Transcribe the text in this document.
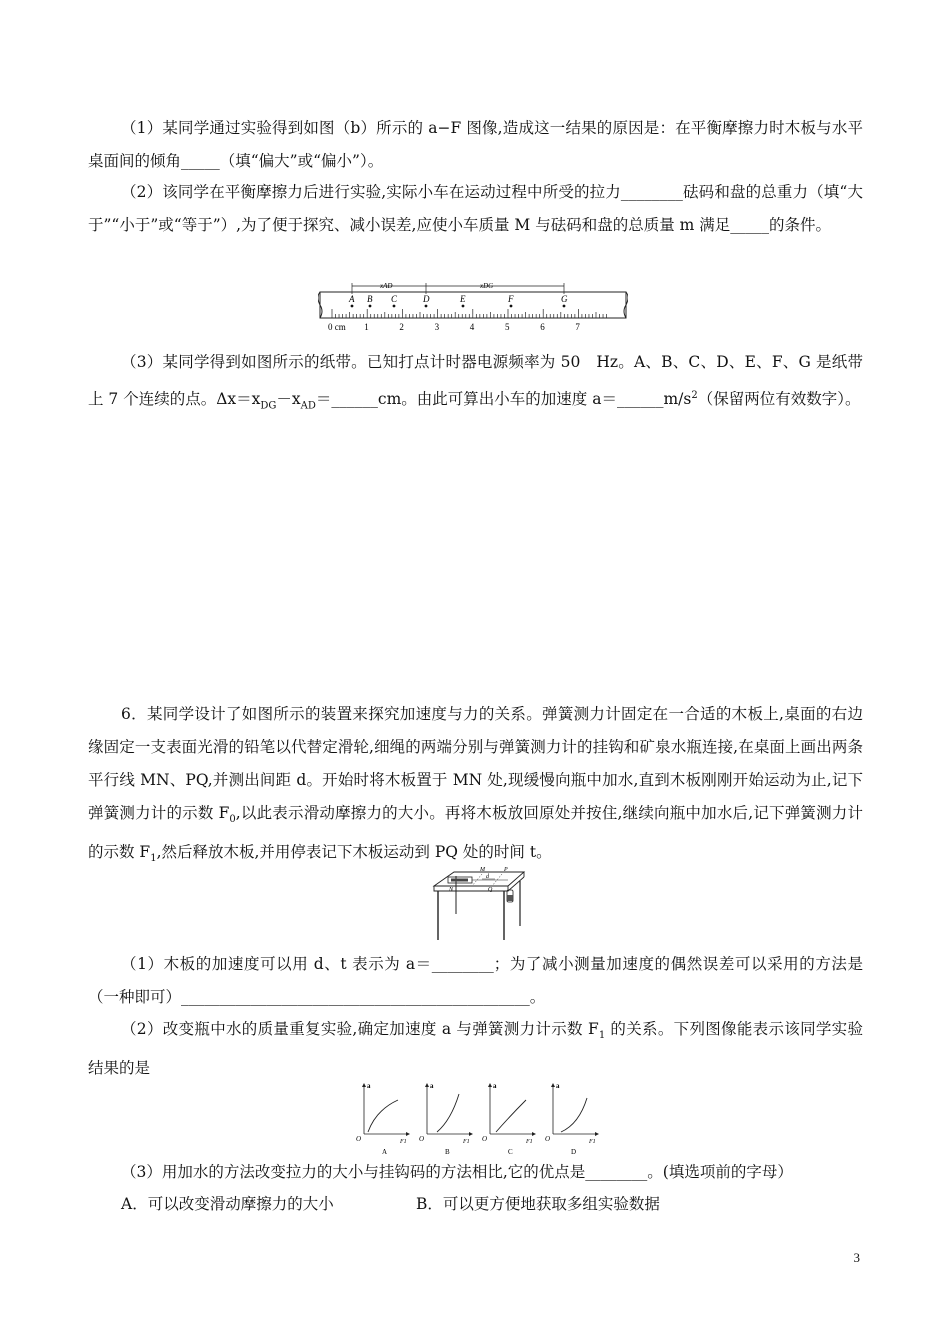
（1）某同学通过实验得到如图（b）所示的 a−F 图像,造成这一结果的原因是：在平衡摩擦力时木板与水平桌面间的倾角_____（填“偏大”或“偏小”）。

（2）该同学在平衡摩擦力后进行实验,实际小车在运动过程中所受的拉力________砝码和盘的总重力（填“大于”“小于”或“等于”）,为了便于探究、减小误差,应使小车质量 M 与砝码和盘的总质量 m 满足_____的条件。

xAD	xDG
A B C	D	E	F	G
0 cm 1	2	3	4	5	6	7

（3）某同学得到如图所示的纸带。已知打点计时器电源频率为 50　Hz。A、B、C、D、E、F、G 是纸带上 7 个连续的点。$\Delta x=x_{DG}-x_{AD}=\_\_\_\_\_\_cm$。由此可算出小车的加速度 $a=\_\_\_\_\_\_m/s^2$（保留两位有效数字）。

6．某同学设计了如图所示的装置来探究加速度与力的关系。弹簧测力计固定在一合适的木板上,桌面的右边缘固定一支表面光滑的铅笔以代替定滑轮,细绳的两端分别与弹簧测力计的挂钩和矿泉水瓶连接,在桌面上画出两条平行线 MN、PQ,并测出间距 d。开始时将木板置于 MN 处,现缓慢向瓶中加水,直到木板刚刚开始运动为止,记下弹簧测力计的示数 $F_0$,以此表示滑动摩擦力的大小。再将木板放回原处并按住,继续向瓶中加水后,记下弹簧测力计的示数 $F_1$,然后释放木板,并用停表记下木板运动到 PQ 处的时间 t。

M	P
N	Q
d

（1）木板的加速度可以用 d、t 表示为 a＝________；为了减小测量加速度的偶然误差可以采用的方法是（一种即可）_____________________________________________。

（2）改变瓶中水的质量重复实验,确定加速度 a 与弹簧测力计示数 $F_1$ 的关系。下列图像能表示该同学实验结果的是

a
O	F1
A
a
O	F1
B
a
O	F1
C
a
O	F1
D

（3）用加水的方法改变拉力的大小与挂钩码的方法相比,它的优点是________。(填选项前的字母）

A．可以改变滑动摩擦力的大小	B．可以更方便地获取多组实验数据
3
